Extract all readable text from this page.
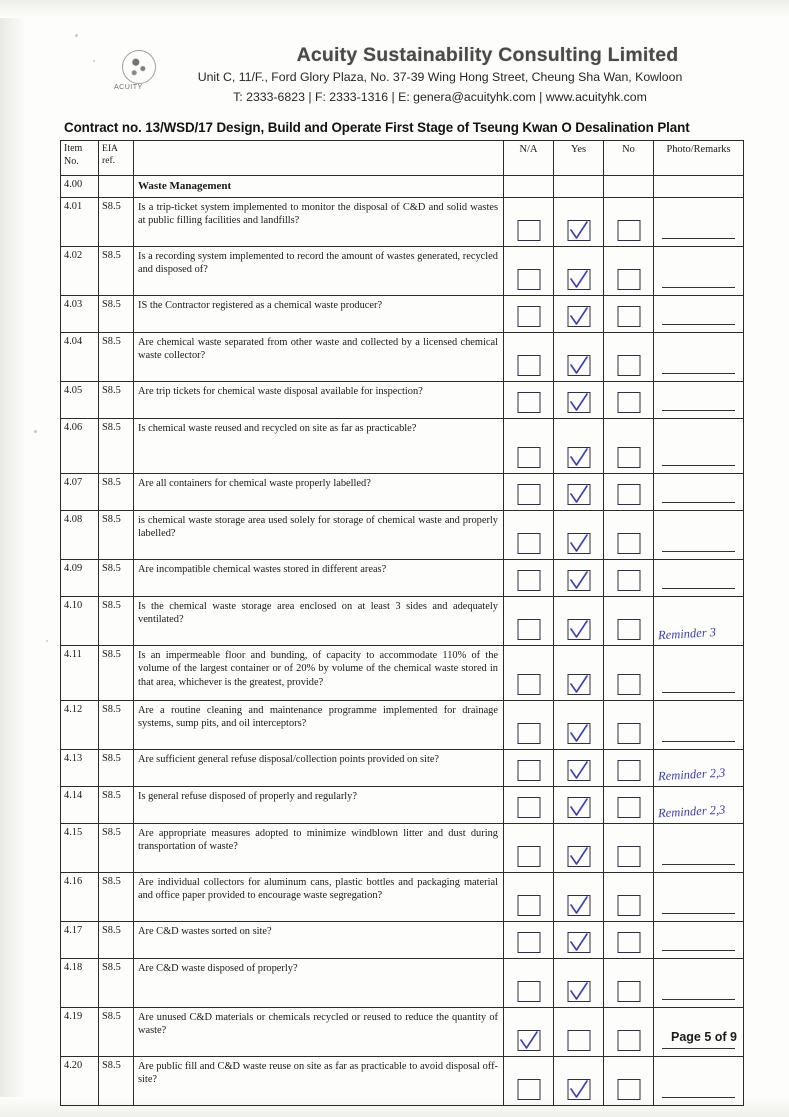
ACUITY
Acuity Sustainability Consulting Limited
Unit C, 11/F., Ford Glory Plaza, No. 37-39 Wing Hong Street, Cheung Sha Wan, Kowloon
T: 2333-6823 | F: 2333-1316 | E: genera@acuityhk.com | www.acuityhk.com
Contract no. 13/WSD/17 Design, Build and Operate First Stage of Tseung Kwan O Desalination Plant
Item No.	EIA ref.		N/A	Yes	No	Photo/Remarks
4.00		Waste Management				
4.01	S8.5	Is a trip-ticket system implemented to monitor the disposal of C&D and solid wastes at public filling facilities and landfills?	

4.02	S8.5	Is a recording system implemented to record the amount of wastes generated, recycled and disposed of?	

4.03	S8.5	IS the Contractor registered as a chemical waste producer?	

4.04	S8.5	Are chemical waste separated from other waste and collected by a licensed chemical waste collector?	

4.05	S8.5	Are trip tickets for chemical waste disposal available for inspection?	

4.06	S8.5	Is chemical waste reused and recycled on site as far as practicable?	

4.07	S8.5	Are all containers for chemical waste properly labelled?	

4.08	S8.5	is chemical waste storage area used solely for storage of chemical waste and properly labelled?	

4.09	S8.5	Are incompatible chemical wastes stored in different areas?	

4.10	S8.5	Is the chemical waste storage area enclosed on at least 3 sides and adequately ventilated?				Reminder 3

4.11	S8.5	Is an impermeable floor and bunding, of capacity to accommodate 110% of the volume of the largest container or of 20% by volume of the chemical waste stored in that area, whichever is the greatest, provide?	

4.12	S8.5	Are a routine cleaning and maintenance programme implemented for drainage systems, sump pits, and oil interceptors?	

4.13	S8.5	Are sufficient general refuse disposal/collection points provided on site?				Reminder 2,3

4.14	S8.5	Is general refuse disposed of properly and regularly?				Reminder 2,3

4.15	S8.5	Are appropriate measures adopted to minimize windblown litter and dust during transportation of waste?	

4.16	S8.5	Are individual collectors for aluminum cans, plastic bottles and packaging material and office paper provided to encourage waste segregation?	

4.17	S8.5	Are C&D wastes sorted on site?	

4.18	S8.5	Are C&D waste disposed of properly?	

4.19	S8.5	Are unused C&D materials or chemicals recycled or reused to reduce the quantity of waste?	

4.20	S8.5	Are public fill and C&D waste reuse on site as far as practicable to avoid disposal off-site?	

Page 5 of 9
